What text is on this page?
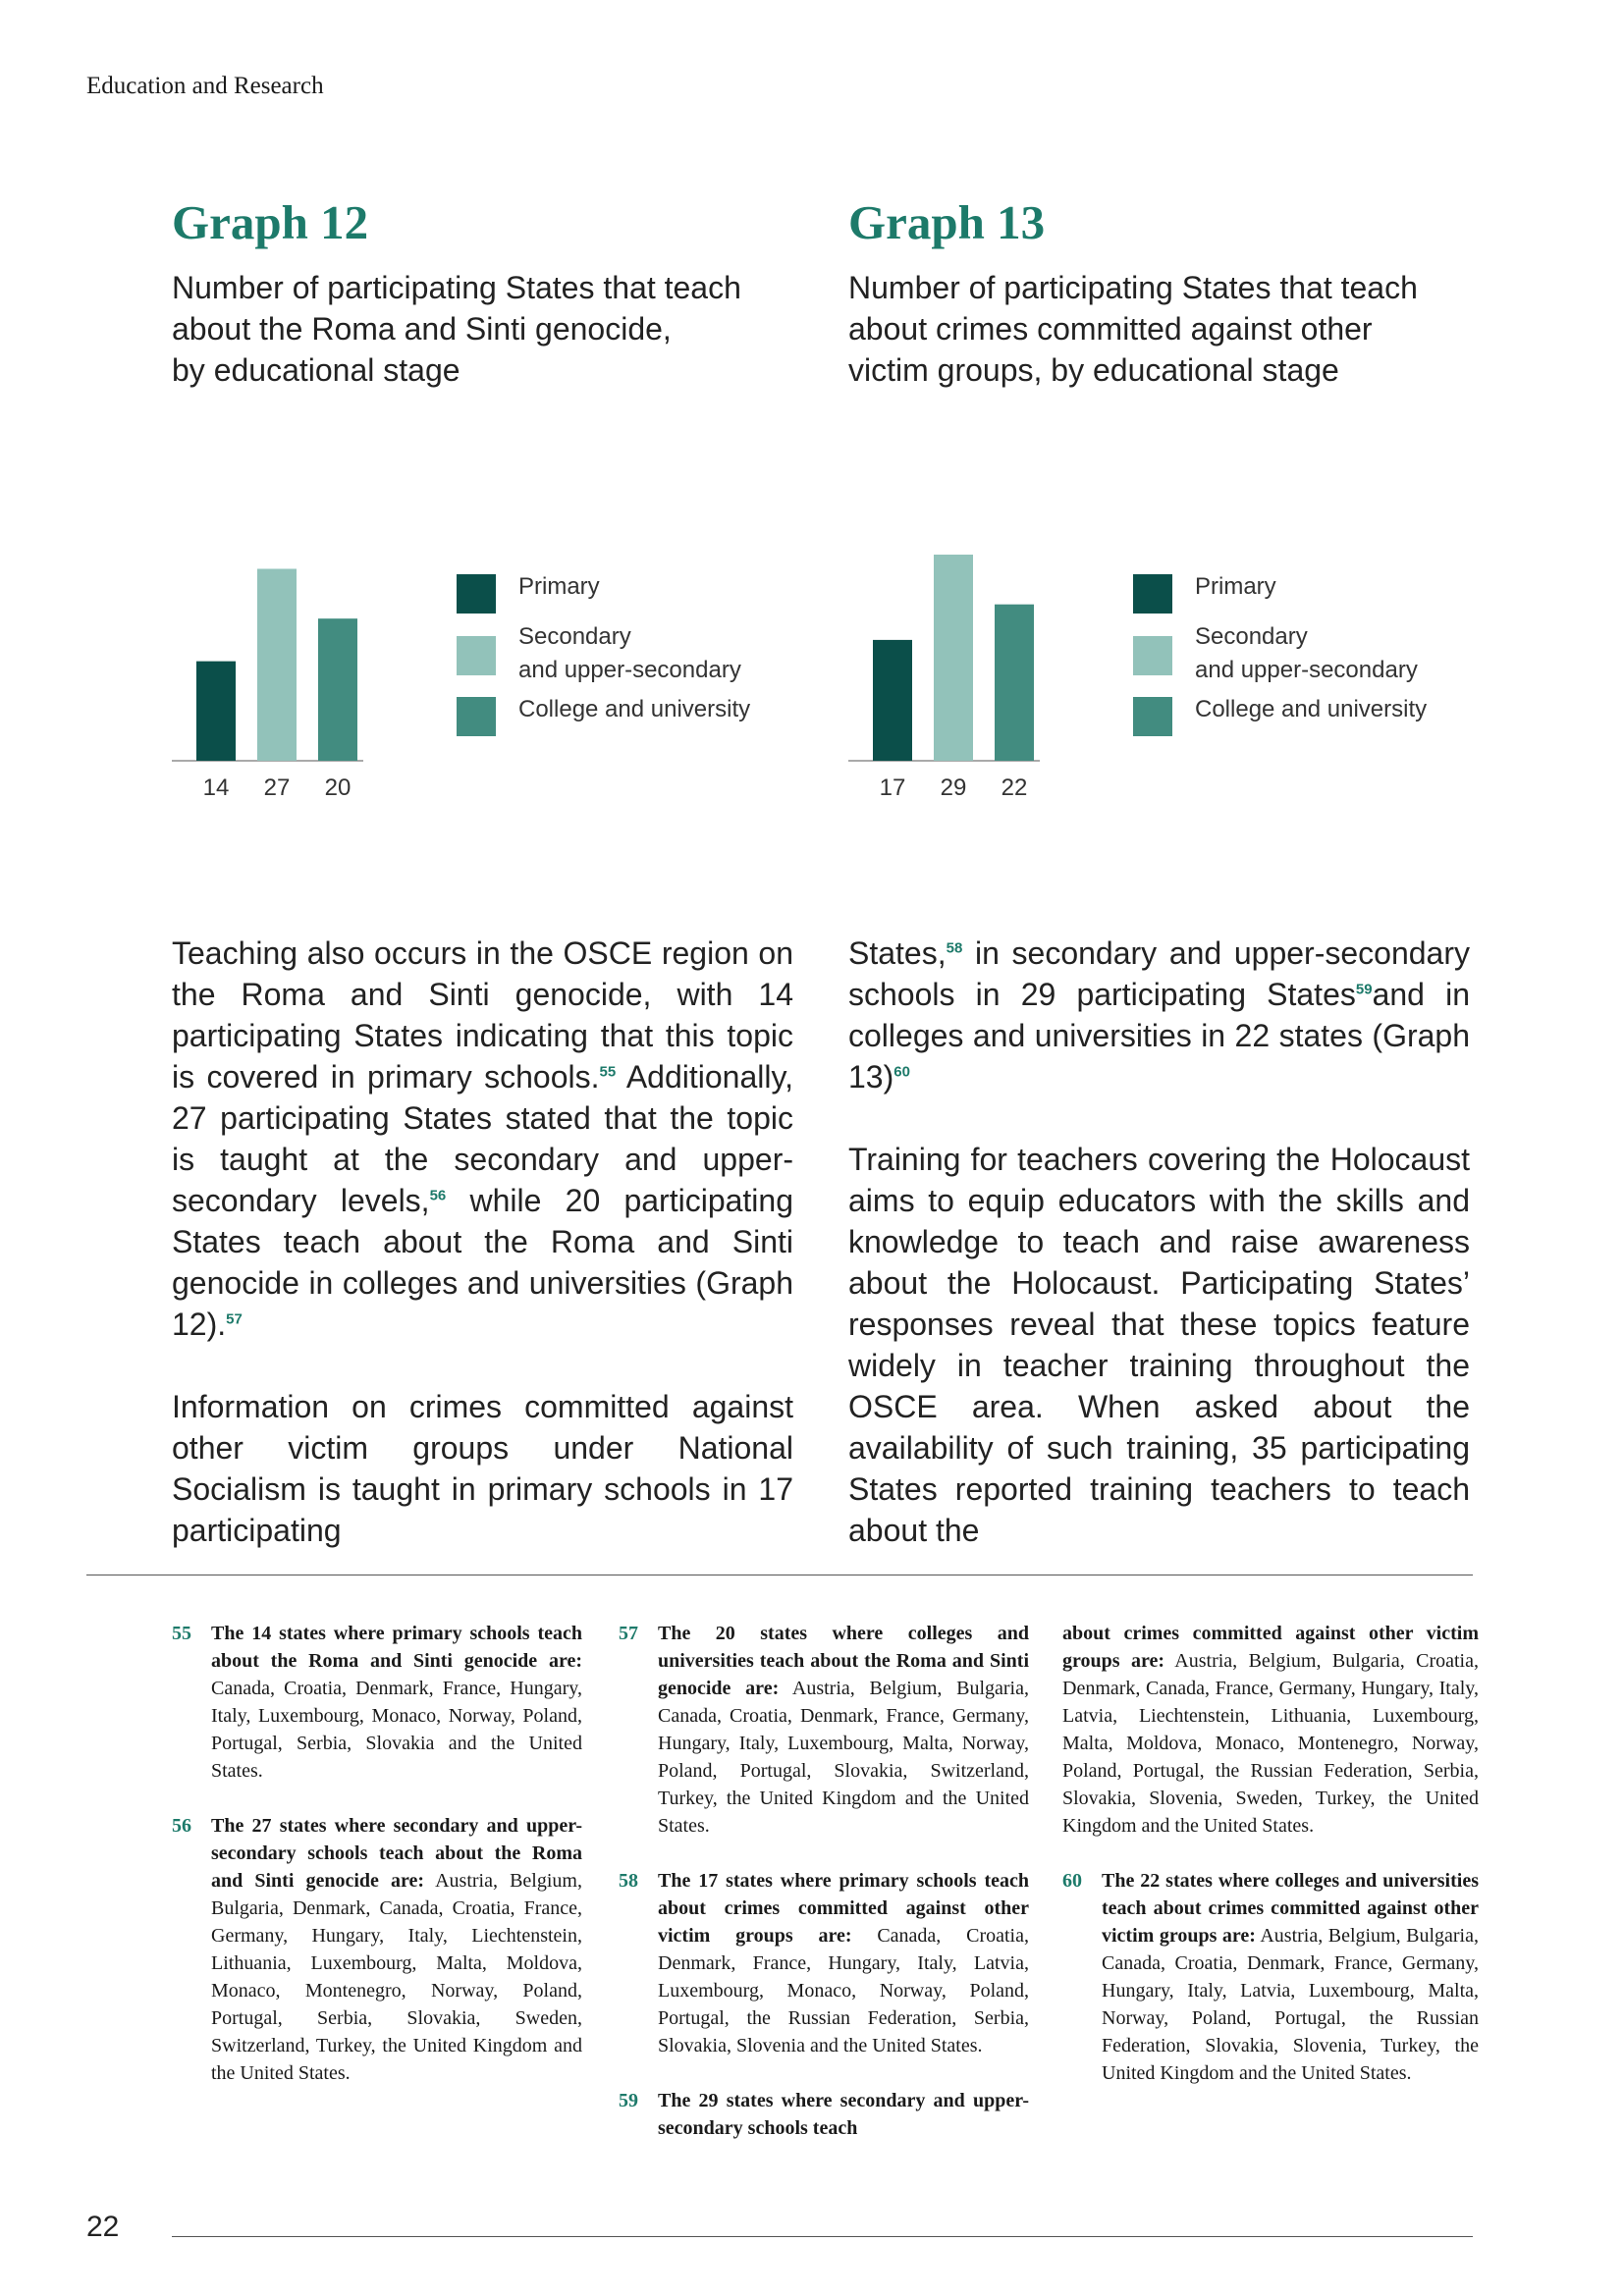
Education and Research
Graph 12
Number of participating States that teach
about the Roma and Sinti genocide,
by educational stage
14 27 20
Primary
Secondary
and upper-secondary
College and university
Graph 13
Number of participating States that teach
about crimes committed against other
victim groups, by educational stage
17 29 22
Primary
Secondary
and upper-secondary
College and university

Teaching also occurs in the OSCE region on the Roma and Sinti genocide, with 14 participating States indicating that this topic is covered in primary schools.$^{55}$ Additionally, 27 participating States stated that the topic is taught at the secondary and upper-secondary levels,$^{56}$ while 20 participating States teach about the Roma and Sinti genocide in colleges and universities (Graph 12).$^{57}$

Information on crimes committed against other victim groups under National Socialism is taught in primary schools in 17 participating

States,$^{58}$ in secondary and upper-secondary schools in 29 participating States$^{59}$and in colleges and universities in 22 states (Graph 13)$^{60}$

Training for teachers covering the Holocaust aims to equip educators with the skills and knowledge to teach and raise awareness about the Holocaust. Participating States’ responses reveal that these topics feature widely in teacher training throughout the OSCE area. When asked about the availability of such training, 35 participating States reported training teachers to teach about the

55	The 14 states where primary schools teach about the Roma and Sinti genocide are: Canada, Croatia, Denmark, France, Hungary, Italy, Luxembourg, Monaco, Norway, Poland, Portugal, Serbia, Slovakia and the United States.
56	The 27 states where secondary and upper-secondary schools teach about the Roma and Sinti genocide are: Austria, Belgium, Bulgaria, Denmark, Canada, Croatia, France, Germany, Hungary, Italy, Liechtenstein, Lithuania, Luxembourg, Malta, Moldova, Monaco, Montenegro, Norway, Poland, Portugal, Serbia, Slovakia, Sweden, Switzerland, Turkey, the United Kingdom and the United States.
57	The 20 states where colleges and universities teach about the Roma and Sinti genocide are: Austria, Belgium, Bulgaria, Canada, Croatia, Denmark, France, Germany, Hungary, Italy, Luxembourg, Malta, Norway, Poland, Portugal, Slovakia, Switzerland, Turkey, the United Kingdom and the United States.
58	The 17 states where primary schools teach about crimes committed against other victim groups are: Canada, Croatia, Denmark, France, Hungary, Italy, Latvia, Luxembourg, Monaco, Norway, Poland, Portugal, the Russian Federation, Serbia, Slovakia, Slovenia and the United States.
59	The 29 states where secondary and upper-secondary schools teach
about crimes committed against other victim groups are: Austria, Belgium, Bulgaria, Croatia, Denmark, Canada, France, Germany, Hungary, Italy, Latvia, Liechtenstein, Lithuania, Luxembourg, Malta, Moldova, Monaco, Montenegro, Norway, Poland, Portugal, the Russian Federation, Serbia, Slovakia, Slovenia, Sweden, Turkey, the United Kingdom and the United States.
60	The 22 states where colleges and universities teach about crimes committed against other victim groups are: Austria, Belgium, Bulgaria, Canada, Croatia, Denmark, France, Germany, Hungary, Italy, Latvia, Luxembourg, Malta, Norway, Poland, Portugal, the Russian Federation, Slovakia, Slovenia, Turkey, the United Kingdom and the United States.
22
